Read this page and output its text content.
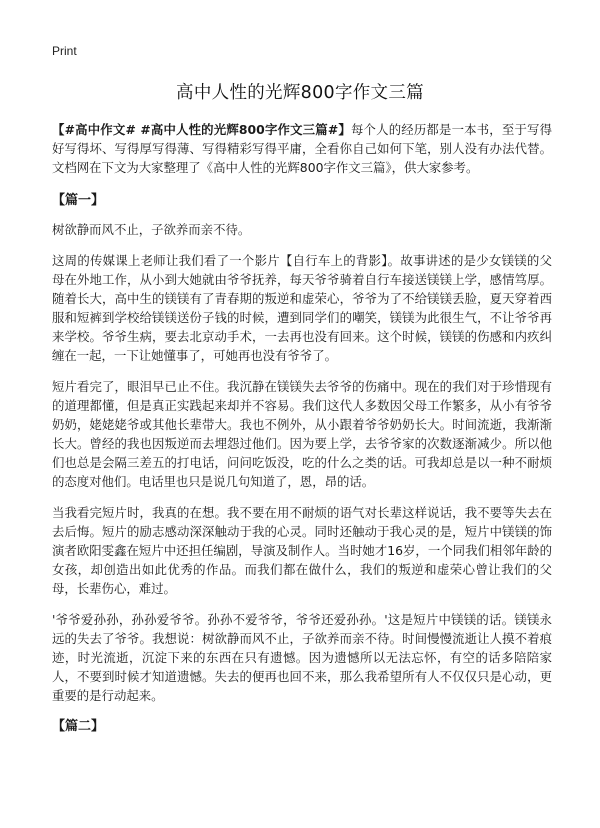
Print
高中人性的光辉800字作文三篇

【#高中作文# #高中人性的光辉800字作文三篇#】每个人的经历都是一本书，至于写得好写得坏、写得厚写得薄、写得精彩写得平庸，全看你自己如何下笔，别人没有办法代替。文档网在下文为大家整理了《高中人性的光辉800字作文三篇》，供大家参考。

【篇一】

树欲静而风不止，子欲养而亲不待。

这周的传媒课上老师让我们看了一个影片【自行车上的背影】。故事讲述的是少女镁镁的父母在外地工作，从小到大她就由爷爷抚养，每天爷爷骑着自行车接送镁镁上学，感情笃厚。随着长大，高中生的镁镁有了青春期的叛逆和虚荣心，爷爷为了不给镁镁丢脸，夏天穿着西服和短裤到学校给镁镁送份子钱的时候，遭到同学们的嘲笑，镁镁为此很生气，不让爷爷再来学校。爷爷生病，要去北京动手术，一去再也没有回来。这个时候，镁镁的伤感和内疚纠缠在一起，一下让她懂事了，可她再也没有爷爷了。

短片看完了，眼泪早已止不住。我沉静在镁镁失去爷爷的伤痛中。现在的我们对于珍惜现有的道理都懂，但是真正实践起来却并不容易。我们这代人多数因父母工作繁多，从小有爷爷奶奶，姥姥姥爷或其他长辈带大。我也不例外，从小跟着爷爷奶奶长大。时间流逝，我渐渐长大。曾经的我也因叛逆而去埋怨过他们。因为要上学，去爷爷家的次数逐渐减少。所以他们也总是会隔三差五的打电话，问问吃饭没，吃的什么之类的话。可我却总是以一种不耐烦的态度对他们。电话里也只是说几句知道了，恩，昂的话。

当我看完短片时，我真的在想。我不要在用不耐烦的语气对长辈这样说话，我不要等失去在去后悔。短片的励志感动深深触动于我的心灵。同时还触动于我心灵的是，短片中镁镁的饰演者欧阳雯鑫在短片中还担任编剧，导演及制作人。当时她才16岁，一个同我们相邻年龄的女孩，却创造出如此优秀的作品。而我们都在做什么，我们的叛逆和虚荣心曾让我们的父母，长辈伤心，难过。

'爷爷爱孙孙，孙孙爱爷爷。孙孙不爱爷爷，爷爷还爱孙孙。'这是短片中镁镁的话。镁镁永远的失去了爷爷。我想说：树欲静而风不止，子欲养而亲不待。时间慢慢流逝让人摸不着痕迹，时光流逝，沉淀下来的东西在只有遗憾。因为遗憾所以无法忘怀，有空的话多陪陪家人，不要到时候才知道遗憾。失去的便再也回不来，那么我希望所有人不仅仅只是心动，更重要的是行动起来。

【篇二】
